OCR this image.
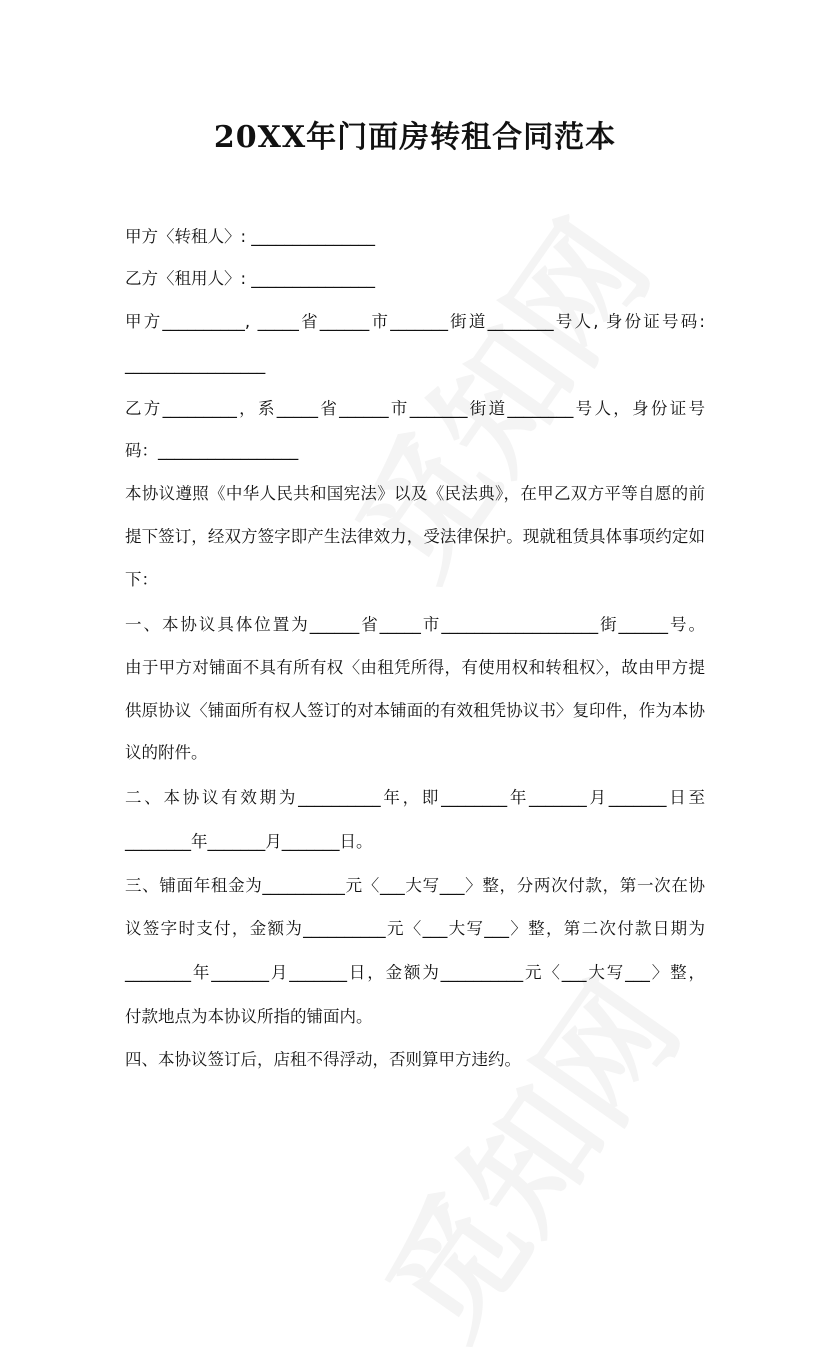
20XX年门面房转租合同范本
甲方〈转租人〉: _______________
乙方〈租用人〉: _______________
甲方__________, _____省______市_______街道________号人, 身份证号码:
_________________
乙方_________，系_____省______市_______街道________号人，身份证号
码：_________________
本协议遵照《中华人民共和国宪法》以及《民法典》，在甲乙双方平等自愿的前
提下签订，经双方签字即产生法律效力，受法律保护。现就租赁具体事项约定如
下：
一、本协议具体位置为______省_____市___________________街______号。
由于甲方对铺面不具有所有权〈由租凭所得，有使用权和转租权〉，故由甲方提
供原协议〈铺面所有权人签订的对本铺面的有效租凭协议书〉复印件，作为本协
议的附件。
二、本协议有效期为__________年，即________年_______月_______日至
________年_______月_______日。
三、铺面年租金为__________元〈___大写___〉整，分两次付款，第一次在协
议签字时支付，金额为__________元〈___大写___〉整，第二次付款日期为
________年_______月_______日，金额为__________元〈___大写___〉整，
付款地点为本协议所指的铺面内。
四、本协议签订后，店租不得浮动，否则算甲方违约。
